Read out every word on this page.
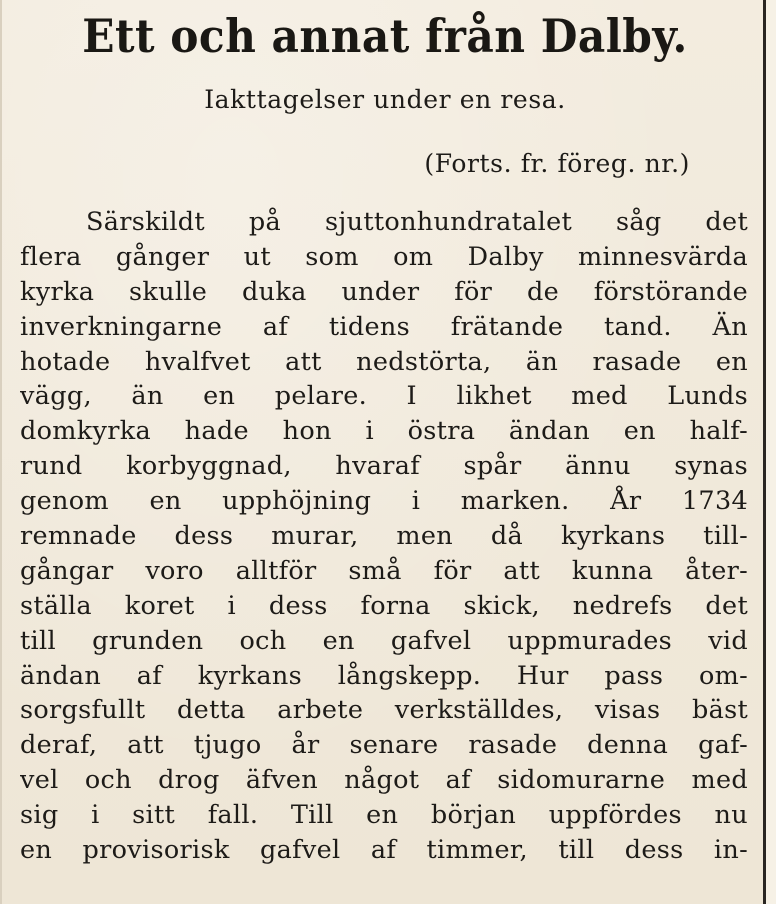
Ett och annat från Dalby.
Iakttagelser under en resa.
(Forts. fr. föreg. nr.)
Särskildt på sjuttonhundratalet såg det
flera gånger ut som om Dalby minnesvärda
kyrka skulle duka under för de förstörande
inverkningarne af tidens frätande tand. Än
hotade hvalfvet att nedstörta, än rasade en
vägg, än en pelare. I likhet med Lunds
domkyrka hade hon i östra ändan en half-
rund korbyggnad, hvaraf spår ännu synas
genom en upphöjning i marken. År 1734
remnade dess murar, men då kyrkans till-
gångar voro alltför små för att kunna åter-
ställa koret i dess forna skick, nedrefs det
till grunden och en gafvel uppmurades vid
ändan af kyrkans långskepp. Hur pass om-
sorgsfullt detta arbete verkställdes, visas bäst
deraf, att tjugo år senare rasade denna gaf-
vel och drog äfven något af sidomurarne med
sig i sitt fall. Till en början uppfördes nu
en provisorisk gafvel af timmer, till dess in-
